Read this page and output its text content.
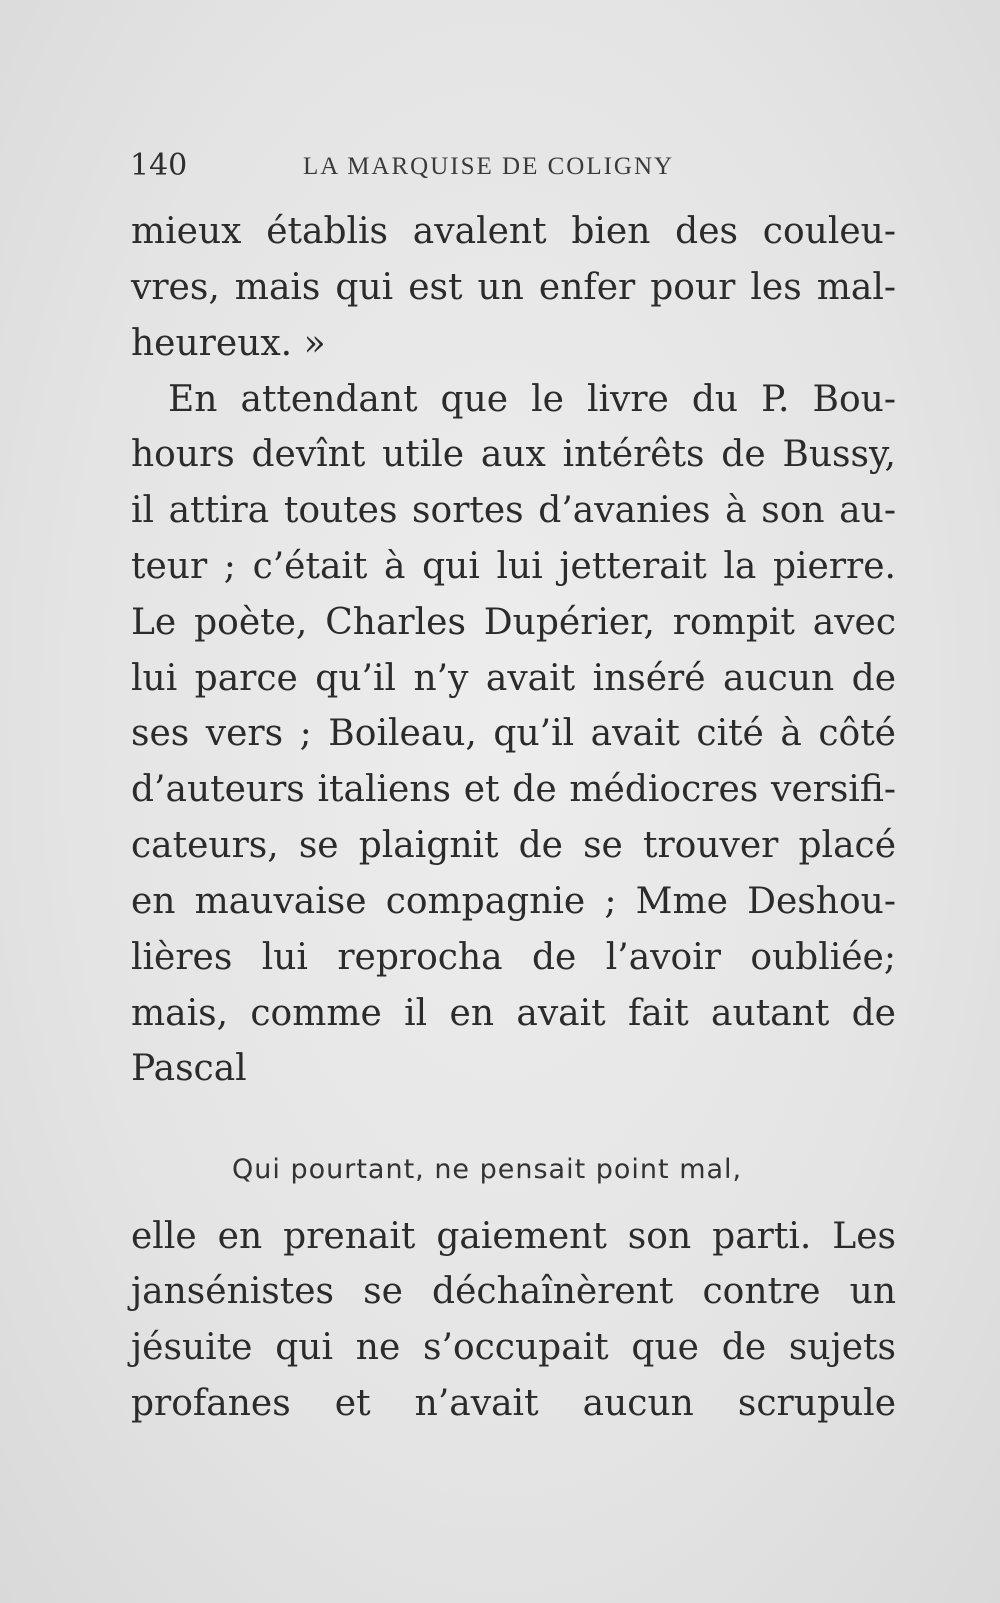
140	LA MARQUISE DE COLIGNY
mieux établis avalent bien des couleu-
vres, mais qui est un enfer pour les mal-
heureux. »
En attendant que le livre du P. Bou-
hours devînt utile aux intérêts de Bussy,
il attira toutes sortes d’avanies à son au-
teur ; c’était à qui lui jetterait la pierre.
Le poète, Charles Dupérier, rompit avec
lui parce qu’il n’y avait inséré aucun de
ses vers ; Boileau, qu’il avait cité à côté
d’auteurs italiens et de médiocres versifi-
cateurs, se plaignit de se trouver placé
en mauvaise compagnie ; Mme Deshou-
lières lui reprocha de l’avoir oubliée;
mais, comme il en avait fait autant de
Pascal
Qui pourtant, ne pensait point mal,
elle en prenait gaiement son parti. Les
jansénistes se déchaînèrent contre un
jésuite qui ne s’occupait que de sujets
profanes et n’avait aucun scrupule
